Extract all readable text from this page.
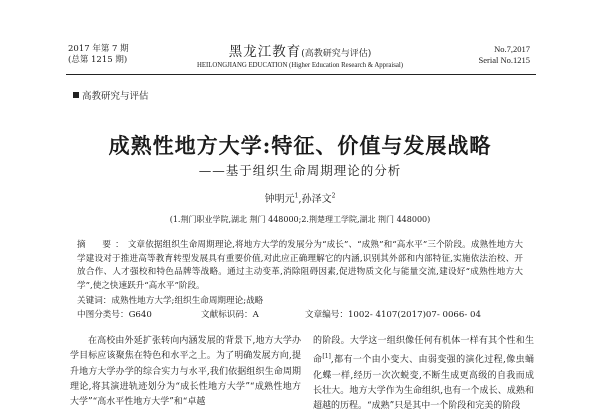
2017 年第 7 期
(总第 1215 期)	黑龙江教育(高教研究与评估)
HEILONGJIANG EDUCATION (Higher Education Research & Appraisal)
No.7,2017
Serial No.1215
高教研究与评估
成熟性地方大学:特征、价值与发展战略
——基于组织生命周期理论的分析
钟明元$^1$,孙泽文$^2$
(1.荆门职业学院,湖北 荆门 448000;2.荆楚理工学院,湖北 荆门 448000)
摘　要：文章依据组织生命周期理论,将地方大学的发展分为“成长”、“成熟”和“高水平”三个阶段。成熟性地方大学建设对于推进高等教育转型发展具有重要价值,对此应正确理解它的内涵,识别其外部和内部特征,实施依法治校、开放合作、人才强校和特色品牌等战略。通过主动变革,消除阻碍因素,促进物质文化与能量交流,建设好“成熟性地方大学”,使之快速跃升“高水平”阶段。
关键词：成熟性地方大学;组织生命周期理论;战略
中图分类号：G640	文献标识码：A	文章编号：1002- 4107(2017)07- 0066- 04
在高校由外延扩张转向内涵发展的背景下,地方大学办学目标应该聚焦在特色和水平之上。为了明确发展方向,提升地方大学办学的综合实力与水平,我们依据组织生命周期理论,将其演进轨迹划分为“成长性地方大学”“成熟性地方大学”“高水平性地方大学”和“卓越
的阶段。大学这一组织像任何有机体一样有其个性和生命[1],都有一个由小变大、由弱变强的演化过程,像虫蛹化蝶一样,经历一次次蜕变,不断生成更高级的自我而成长壮大。地方大学作为生命组织,也有一个成长、成熟和超越的历程。“成熟”只是其中一个阶段和完美的阶段
